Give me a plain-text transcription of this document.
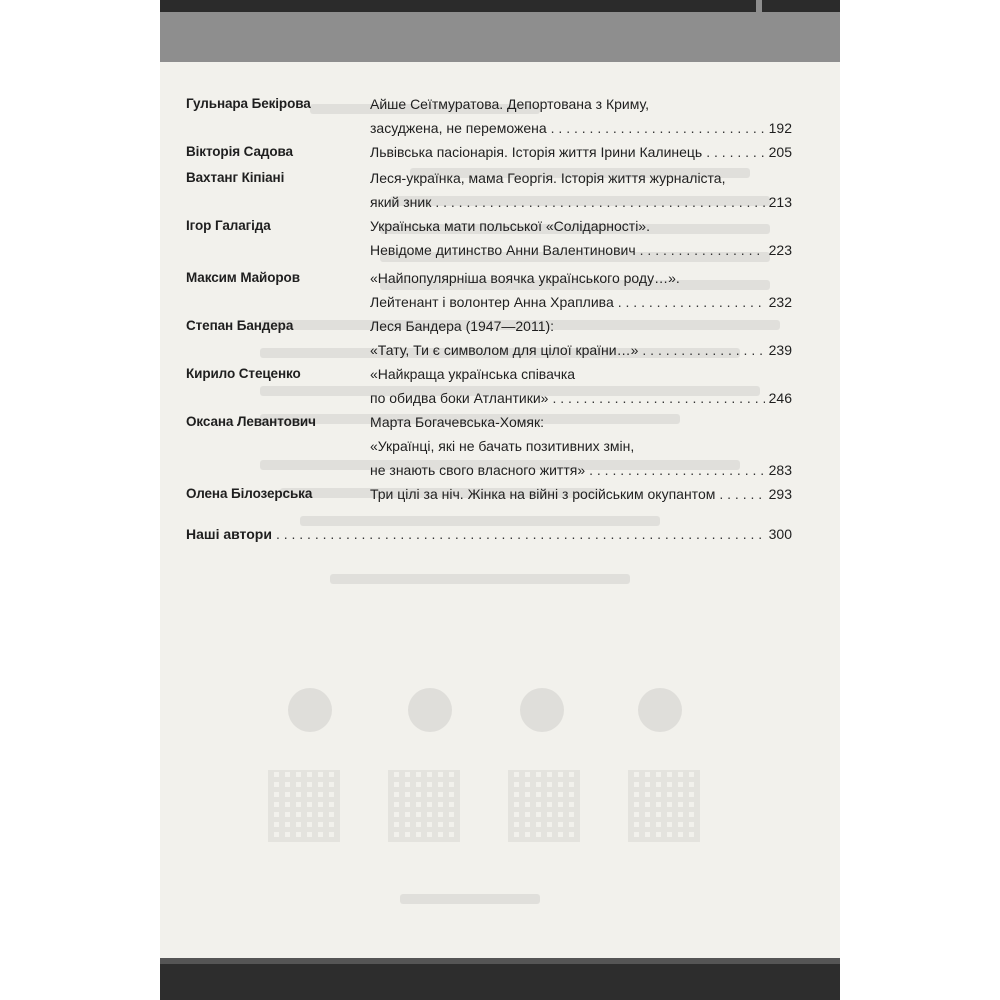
Гульнара Бекірова	Айше Сеїтмуратова. Депортована з Криму,
засуджена, не переможена . . .	192
Вікторія Садова	Львівська пасіонарія. Історія життя Ірини Калинець . . .	205
Вахтанг Кіпіані	Леся-українка, мама Георгія. Історія життя журналіста,
який зник . . .	213
Ігор Галагіда	Українська мати польської «Солідарності».
Невідоме дитинство Анни Валентинович . . .	223
Максим Майоров	«Найпопулярніша воячка українського роду…».
Лейтенант і волонтер Анна Храплива . . .	232
Степан Бандера	Леся Бандера (1947—2011):
«Тату, Ти є символом для цілої країни…» . . .	239
Кирило Стеценко	«Найкраща українська співачка
по обидва боки Атлантики» . . .	246
Оксана Левантович	Марта Богачевська-Хомяк:
«Українці, які не бачать позитивних змін,
не знають свого власного життя» . . .	283
Олена Білозерська	Три цілі за ніч. Жінка на війні з російським окупантом . . .	293
Наші автори . . .	300
